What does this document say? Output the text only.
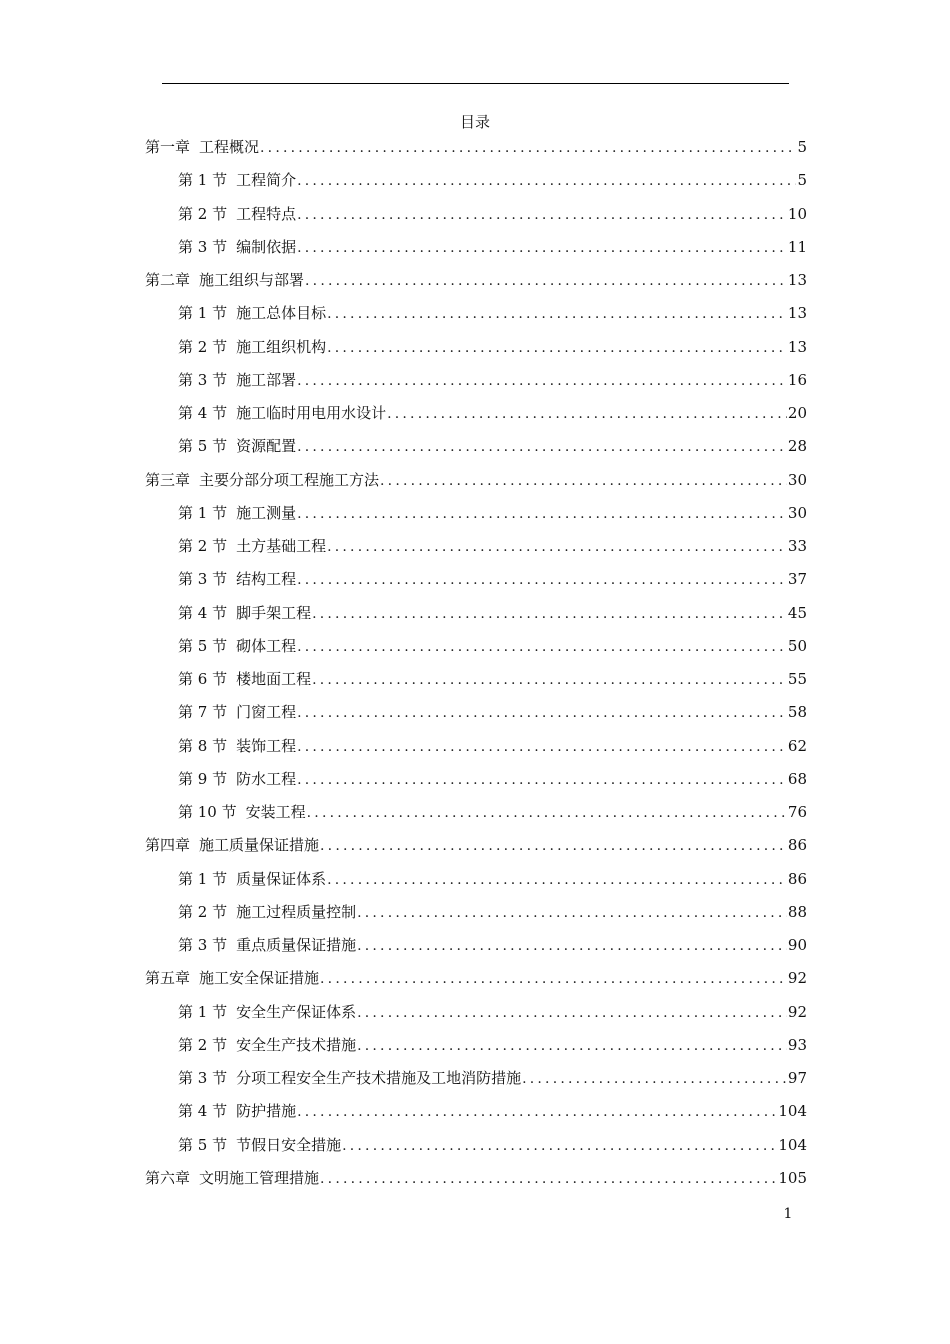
目录
第一章 工程概况 .....	5
第 1 节 工程简介 .....	5
第 2 节 工程特点 .....	10
第 3 节 编制依据 .....	11
第二章 施工组织与部署 .....	13
第 1 节 施工总体目标 .....	13
第 2 节 施工组织机构 .....	13
第 3 节 施工部署 .....	16
第 4 节 施工临时用电用水设计 .....	20
第 5 节 资源配置 .....	28
第三章 主要分部分项工程施工方法 .....	30
第 1 节 施工测量 .....	30
第 2 节 土方基础工程 .....	33
第 3 节 结构工程 .....	37
第 4 节 脚手架工程 .....	45
第 5 节 砌体工程 .....	50
第 6 节 楼地面工程 .....	55
第 7 节 门窗工程 .....	58
第 8 节 装饰工程 .....	62
第 9 节 防水工程 .....	68
第 10 节 安装工程 .....	76
第四章 施工质量保证措施 .....	86
第 1 节 质量保证体系 .....	86
第 2 节 施工过程质量控制 .....	88
第 3 节 重点质量保证措施 .....	90
第五章 施工安全保证措施 .....	92
第 1 节 安全生产保证体系 .....	92
第 2 节 安全生产技术措施 .....	93
第 3 节 分项工程安全生产技术措施及工地消防措施 .....	97
第 4 节 防护措施 .....	104
第 5 节 节假日安全措施 .....	104
第六章 文明施工管理措施 .....	105
1
